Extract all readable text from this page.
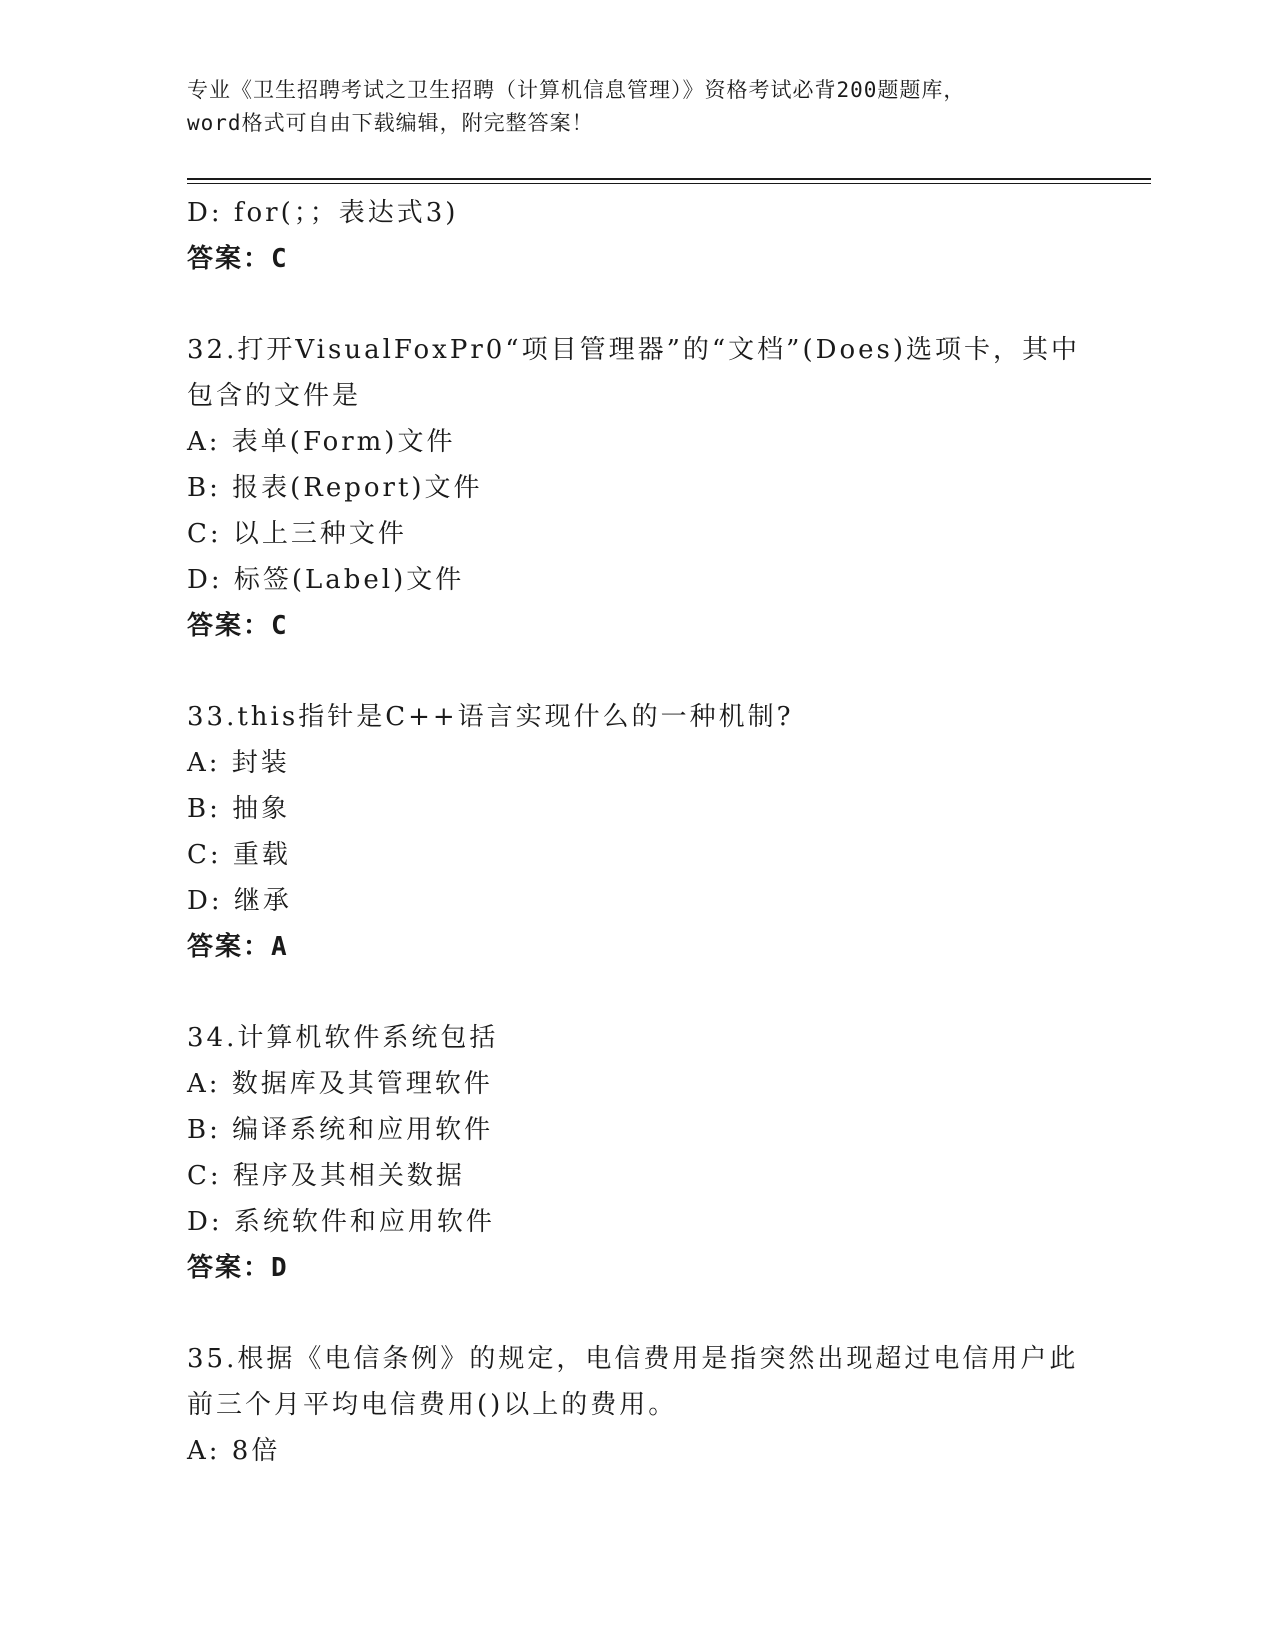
专业《卫生招聘考试之卫生招聘（计算机信息管理）》资格考试必背200题题库，
word格式可自由下载编辑，附完整答案！
D: for(；；表达式3)
答案：C
32.打开VisualFoxPr0“项目管理器”的“文档”(Does)选项卡，其中
包含的文件是
A: 表单(Form)文件
B: 报表(Report)文件
C: 以上三种文件
D: 标签(Label)文件
答案：C
33.this指针是C++语言实现什么的一种机制?
A: 封装
B: 抽象
C: 重载
D: 继承
答案：A
34.计算机软件系统包括
A: 数据库及其管理软件
B: 编译系统和应用软件
C: 程序及其相关数据
D: 系统软件和应用软件
答案：D
35.根据《电信条例》的规定，电信费用是指突然出现超过电信用户此
前三个月平均电信费用()以上的费用。
A: 8倍
